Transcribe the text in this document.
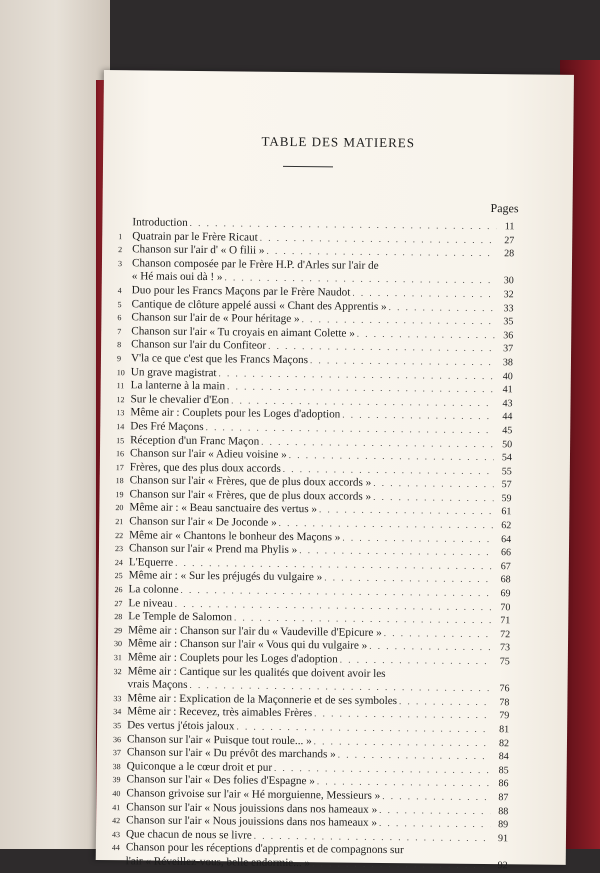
TABLE DES MATIERES
Pages
Introduction . . .	11
1 Quatrain par le Frère Ricaut . . .	27
2 Chanson sur l'air d' « O filii » . . .	28
3 Chanson composée par le Frère H.P. d'Arles sur l'air de
« Hé mais oui dà ! » . . .	30
4 Duo pour les Francs Maçons par le Frère Naudot . . .	32
5 Cantique de clôture appelé aussi « Chant des Apprentis » . . .	33
6 Chanson sur l'air de « Pour héritage » . . .	35
7 Chanson sur l'air « Tu croyais en aimant Colette » . . .	36
8 Chanson sur l'air du Confiteor . . .	37
9 V'la ce que c'est que les Francs Maçons . . .	38
10 Un grave magistrat . . .	40
11 La lanterne à la main . . .	41
12 Sur le chevalier d'Eon . . .	43
13 Même air : Couplets pour les Loges d'adoption . . .	44
14 Des Fré Maçons . . .	45
15 Réception d'un Franc Maçon . . .	50
16 Chanson sur l'air « Adieu voisine » . . .	54
17 Frères, que des plus doux accords . . .	55
18 Chanson sur l'air « Frères, que de plus doux accords » . . .	57
19 Chanson sur l'air « Frères, que de plus doux accords » . . .	59
20 Même air : « Beau sanctuaire des vertus » . . .	61
21 Chanson sur l'air « De Joconde » . . .	62
22 Même air « Chantons le bonheur des Maçons » . . .	64
23 Chanson sur l'air « Prend ma Phylis » . . .	66
24 L'Equerre . . .	67
25 Même air : « Sur les préjugés du vulgaire » . . .	68
26 La colonne . . .	69
27 Le niveau . . .	70
28 Le Temple de Salomon . . .	71
29 Même air : Chanson sur l'air du « Vaudeville d'Epicure » . . .	72
30 Même air : Chanson sur l'air « Vous qui du vulgaire » . . .	73
31 Même air : Couplets pour les Loges d'adoption . . .	75
32 Même air : Cantique sur les qualités que doivent avoir les
vrais Maçons . . .	76
33 Même air : Explication de la Maçonnerie et de ses symboles . . .	78
34 Même air : Recevez, très aimables Frères . . .	79
35 Des vertus j'étois jaloux . . .	81
36 Chanson sur l'air « Puisque tout roule... » . . .	82
37 Chanson sur l'air « Du prévôt des marchands » . . .	84
38 Quiconque a le cœur droit et pur . . .	85
39 Chanson sur l'air « Des folies d'Espagne » . . .	86
40 Chanson grivoise sur l'air « Hé morguienne, Messieurs » . . .	87
41 Chanson sur l'air « Nous jouissions dans nos hameaux » . . .	88
42 Chanson sur l'air « Nous jouissions dans nos hameaux » . . .	89
43 Que chacun de nous se livre . . .	91
44 Chanson pour les réceptions d'apprentis et de compagnons sur
l'air « Réveillez-vous, belle endormie... » . . .	92
